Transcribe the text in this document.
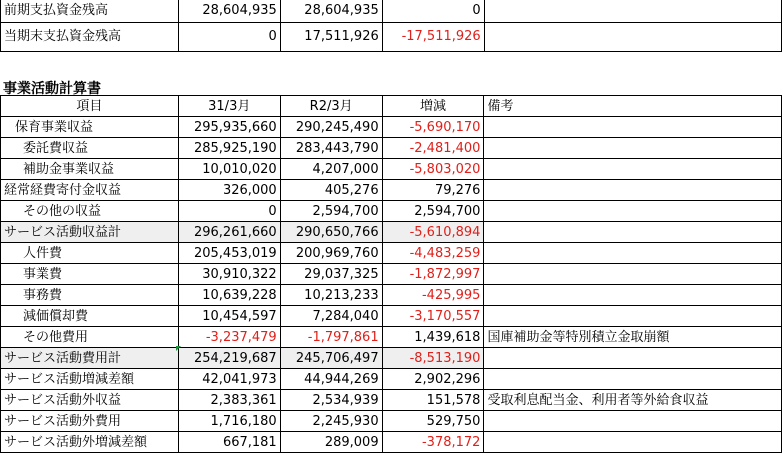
前期支払資金残高	28,604,935	28,604,935	0	
当期末支払資金残高	0	17,511,926	-17,511,926	
事業活動計算書
項目	31/3月	R2/3月	増減	備考
保育事業収益	295,935,660	290,245,490	-5,690,170	
委託費収益	285,925,190	283,443,790	-2,481,400	
補助金事業収益	10,010,020	4,207,000	-5,803,020	
経常経費寄付金収益	326,000	405,276	79,276	
その他の収益	0	2,594,700	2,594,700	
サービス活動収益計	296,261,660	290,650,766	-5,610,894	
人件費	205,453,019	200,969,760	-4,483,259	
事業費	30,910,322	29,037,325	-1,872,997	
事務費	10,639,228	10,213,233	-425,995	
減価償却費	10,454,597	7,284,040	-3,170,557	
その他費用	-3,237,479	-1,797,861	1,439,618	国庫補助金等特別積立金取崩額
サービス活動費用計	254,219,687	245,706,497	-8,513,190	
サービス活動増減差額	42,041,973	44,944,269	2,902,296	
サービス活動外収益	2,383,361	2,534,939	151,578	受取利息配当金、利用者等外給食収益
サービス活動外費用	1,716,180	2,245,930	529,750	
サービス活動外増減差額	667,181	289,009	-378,172	
